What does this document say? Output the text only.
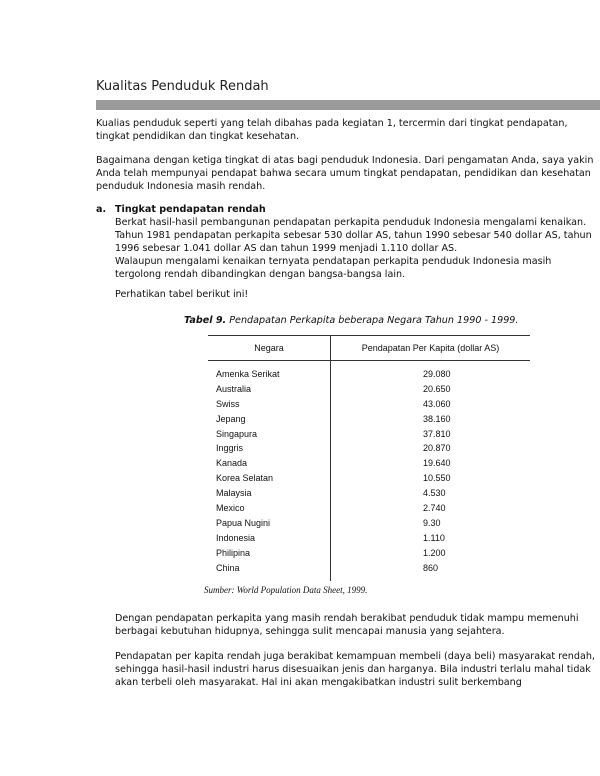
Kualitas Penduduk Rendah

Kualias penduduk seperti yang telah dibahas pada kegiatan 1, tercermin dari tingkat pendapatan, tingkat pendidikan dan tingkat kesehatan.

Bagaimana dengan ketiga tingkat di atas bagi penduduk Indonesia. Dari pengamatan Anda, saya yakin Anda telah mempunyai pendapat bahwa secara umum tingkat pendapatan, pendidikan dan kesehatan penduduk Indonesia masih rendah.

a. Tingkat pendapatan rendah

Berkat hasil-hasil pembangunan pendapatan perkapita penduduk Indonesia mengalami kenaikan. Tahun 1981 pendapatan perkapita sebesar 530 dollar AS, tahun 1990 sebesar 540 dollar AS, tahun 1996 sebesar 1.041 dollar AS dan tahun 1999 menjadi 1.110 dollar AS.

Walaupun mengalami kenaikan ternyata pendatapan perkapita penduduk Indonesia masih tergolong rendah dibandingkan dengan bangsa-bangsa lain.

Perhatikan tabel berikut ini!

Tabel 9. Pendapatan Perkapita beberapa Negara Tahun 1990 - 1999.
Negara	Pendapatan Per Kapita (dollar AS)
Amenka Serikat	29.080
Australia	20.650
Swiss	43.060
Jepang	38.160
Singapura	37.810
Inggris	20.870
Kanada	19.640
Korea Selatan	10.550
Malaysia	4.530
Mexico	2.740
Papua Nugini	9.30
Indonesia	1.110
Philipina	1.200
China	860
Sumber: World Population Data Sheet, 1999.

Dengan pendapatan perkapita yang masih rendah berakibat penduduk tidak mampu memenuhi berbagai kebutuhan hidupnya, sehingga sulit mencapai manusia yang sejahtera.

Pendapatan per kapita rendah juga berakibat kemampuan membeli (daya beli) masyarakat rendah, sehingga hasil-hasil industri harus disesuaikan jenis dan harganya. Bila industri terlalu mahal tidak akan terbeli oleh masyarakat. Hal ini akan mengakibatkan industri sulit berkembang
